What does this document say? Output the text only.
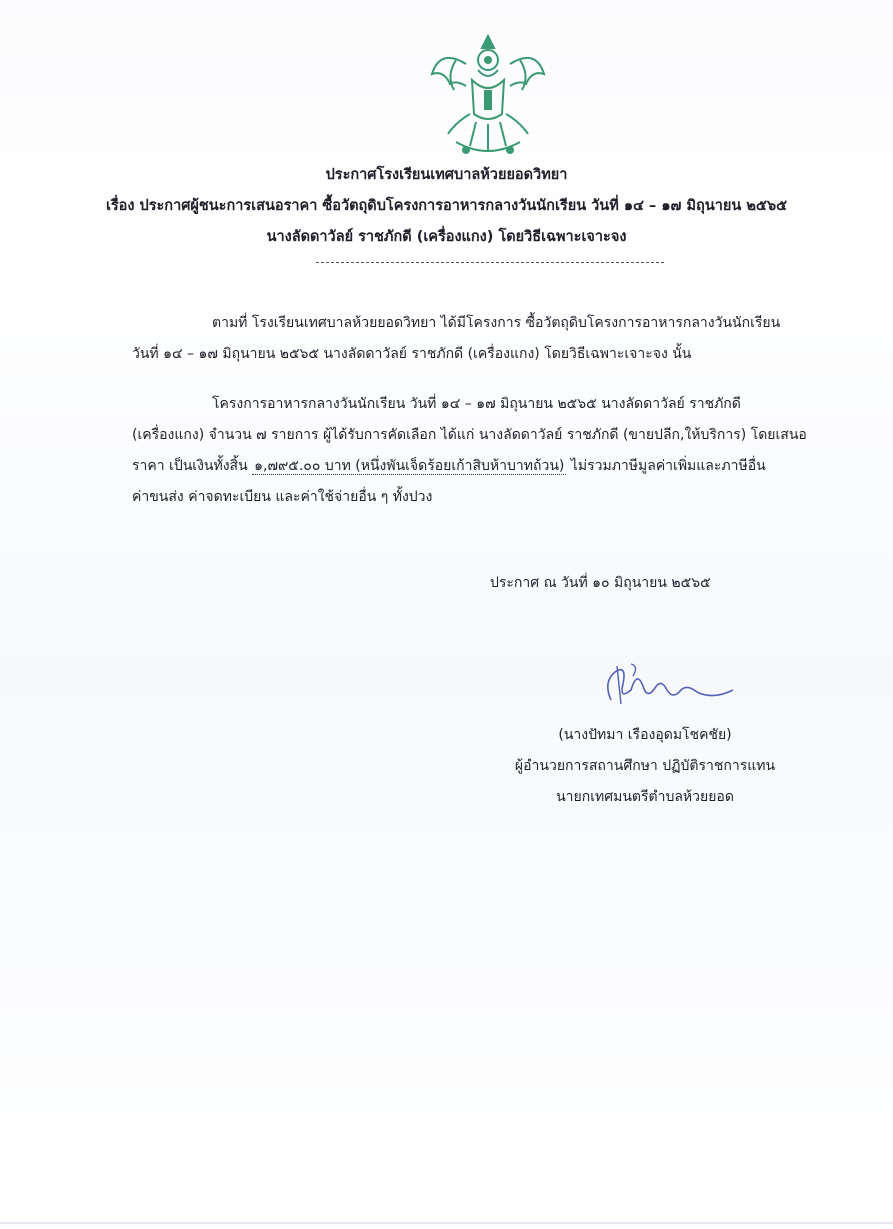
ประกาศโรงเรียนเทศบาลห้วยยอดวิทยา
เรื่อง ประกาศผู้ชนะการเสนอราคา ซื้อวัตถุดิบโครงการอาหารกลางวันนักเรียน วันที่ ๑๔ – ๑๗ มิถุนายน ๒๕๖๕
นางลัดดาวัลย์ ราชภักดี (เครื่องแกง) โดยวิธีเฉพาะเจาะจง

ตามที่ โรงเรียนเทศบาลห้วยยอดวิทยา ได้มีโครงการ ซื้อวัตถุดิบโครงการอาหารกลางวันนักเรียน

วันที่ ๑๔ – ๑๗ มิถุนายน ๒๕๖๕ นางลัดดาวัลย์ ราชภักดี (เครื่องแกง) โดยวิธีเฉพาะเจาะจง นั้น

โครงการอาหารกลางวันนักเรียน วันที่ ๑๔ – ๑๗ มิถุนายน ๒๕๖๕ นางลัดดาวัลย์ ราชภักดี

(เครื่องแกง) จำนวน ๗ รายการ ผู้ได้รับการคัดเลือก ได้แก่ นางลัดดาวัลย์ ราชภักดี (ขายปลีก,ให้บริการ) โดยเสนอ

ราคา เป็นเงินทั้งสิ้น ๑,๗๙๕.๐๐ บาท (หนึ่งพันเจ็ดร้อยเก้าสิบห้าบาทถ้วน) ไม่รวมภาษีมูลค่าเพิ่มและภาษีอื่น

ค่าขนส่ง ค่าจดทะเบียน และค่าใช้จ่ายอื่น ๆ ทั้งปวง

ประกาศ ณ วันที่ ๑๐ มิถุนายน ๒๕๖๕
(นางปัทมา เรืองอุดมโชคชัย)
ผู้อำนวยการสถานศึกษา ปฏิบัติราชการแทน
นายกเทศมนตรีตำบลห้วยยอด
